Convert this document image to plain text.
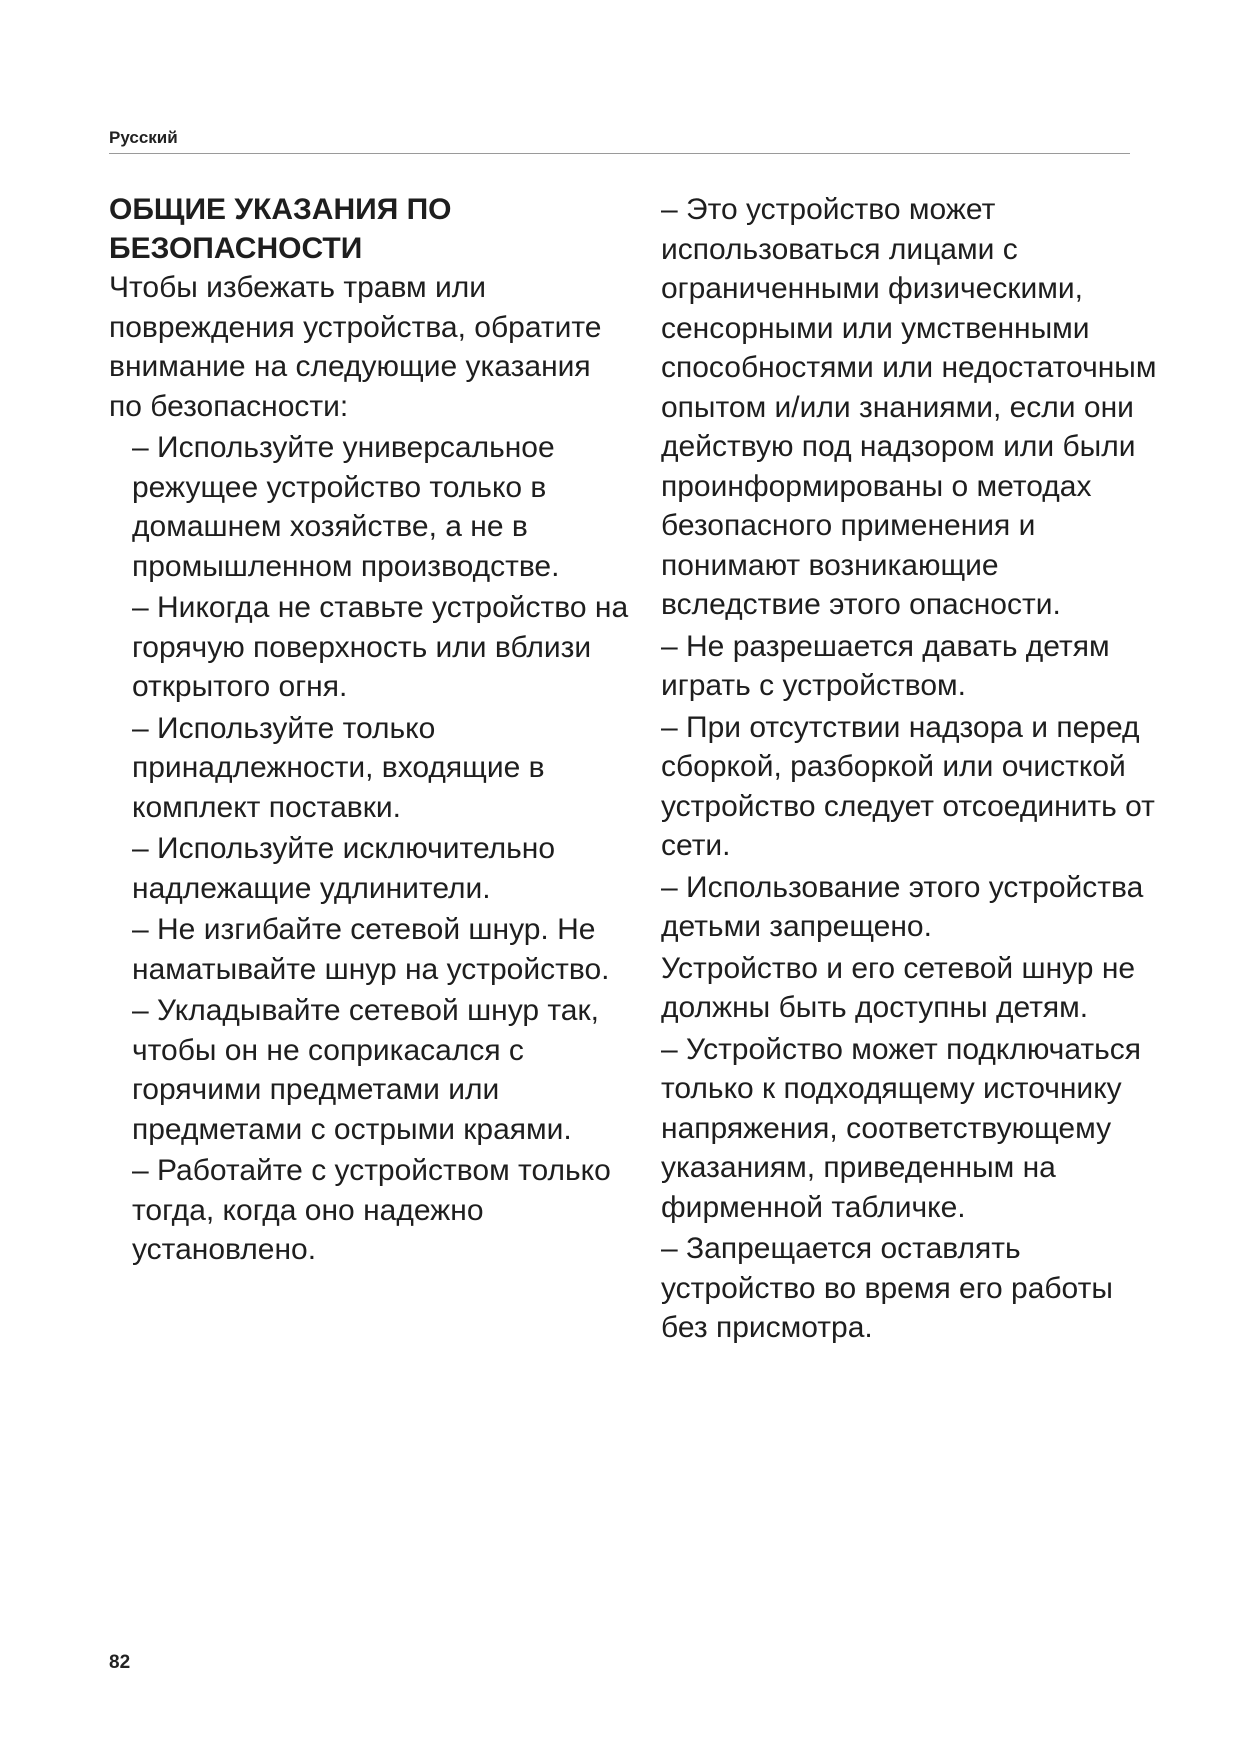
Русский
ОБЩИЕ УКАЗАНИЯ ПО
БЕЗОПАСНОСТИ

Чтобы избежать травм или повреждения устройства, обратите внимание на следующие указания по безопасности:

– Используйте универсальное режущее устройство только в домашнем хозяйстве, а не в промышленном производстве.

– Никогда не ставьте устройство на горячую поверхность или вблизи открытого огня.

– Используйте только принадлежности, входящие в комплект поставки.

– Используйте исключительно надлежащие удлинители.

– Не изгибайте сетевой шнур. Не наматывайте шнур на устройство.

– Укладывайте сетевой шнур так, чтобы он не соприкасался с горячими предметами или предметами с острыми краями.

– Работайте с устройством только тогда, когда оно надежно установлено.

– Это устройство может использоваться лицами с ограниченными физическими, сенсорными или умственными способностями или недостаточным опытом и/или знаниями, если они действую под надзором или были проинформированы о методах безопасного применения и понимают возникающие вследствие этого опасности.

– Не разрешается давать детям играть с устройством.

– При отсутствии надзора и перед сборкой, разборкой или очисткой устройство следует отсоединить от сети.

– Использование этого устройства детьми запрещено.

Устройство и его сетевой шнур не должны быть доступны детям.

– Устройство может подключаться только к подходящему источнику напряжения, соответствующему указаниям, приведенным на фирменной табличке.

– Запрещается оставлять устройство во время его работы без присмотра.

82
